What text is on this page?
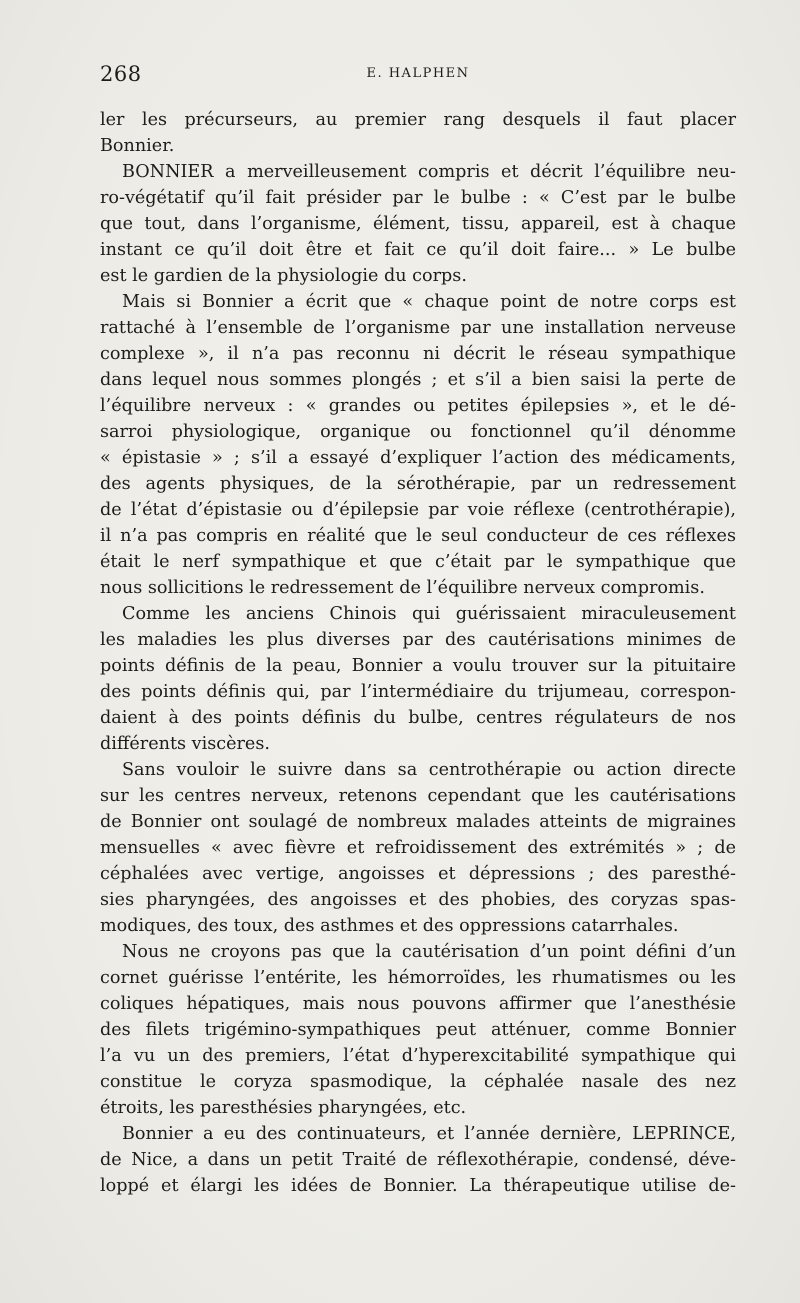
268	E. HALPHEN
ler les précurseurs, au premier rang desquels il faut placer
Bonnier.
BONNIER a merveilleusement compris et décrit l’équilibre neu-
ro-végétatif qu’il fait présider par le bulbe : « C’est par le bulbe
que tout, dans l’organisme, élément, tissu, appareil, est à chaque
instant ce qu’il doit être et fait ce qu’il doit faire... » Le bulbe
est le gardien de la physiologie du corps.
Mais si Bonnier a écrit que « chaque point de notre corps est
rattaché à l’ensemble de l’organisme par une installation nerveuse
complexe », il n’a pas reconnu ni décrit le réseau sympathique
dans lequel nous sommes plongés ; et s’il a bien saisi la perte de
l’équilibre nerveux : « grandes ou petites épilepsies », et le dé-
sarroi physiologique, organique ou fonctionnel qu’il dénomme
« épistasie » ; s’il a essayé d’expliquer l’action des médicaments,
des agents physiques, de la sérothérapie, par un redressement
de l’état d’épistasie ou d’épilepsie par voie réflexe (centrothérapie),
il n’a pas compris en réalité que le seul conducteur de ces réflexes
était le nerf sympathique et que c’était par le sympathique que
nous sollicitions le redressement de l’équilibre nerveux compromis.
Comme les anciens Chinois qui guérissaient miraculeusement
les maladies les plus diverses par des cautérisations minimes de
points définis de la peau, Bonnier a voulu trouver sur la pituitaire
des points définis qui, par l’intermédiaire du trijumeau, correspon-
daient à des points définis du bulbe, centres régulateurs de nos
différents viscères.
Sans vouloir le suivre dans sa centrothérapie ou action directe
sur les centres nerveux, retenons cependant que les cautérisations
de Bonnier ont soulagé de nombreux malades atteints de migraines
mensuelles « avec fièvre et refroidissement des extrémités » ; de
céphalées avec vertige, angoisses et dépressions ; des paresthé-
sies pharyngées, des angoisses et des phobies, des coryzas spas-
modiques, des toux, des asthmes et des oppressions catarrhales.
Nous ne croyons pas que la cautérisation d’un point défini d’un
cornet guérisse l’entérite, les hémorroïdes, les rhumatismes ou les
coliques hépatiques, mais nous pouvons affirmer que l’anesthésie
des filets trigémino-sympathiques peut atténuer, comme Bonnier
l’a vu un des premiers, l’état d’hyperexcitabilité sympathique qui
constitue le coryza spasmodique, la céphalée nasale des nez
étroits, les paresthésies pharyngées, etc.
Bonnier a eu des continuateurs, et l’année dernière, LEPRINCE,
de Nice, a dans un petit Traité de réflexothérapie, condensé, déve-
loppé et élargi les idées de Bonnier. La thérapeutique utilise de-
